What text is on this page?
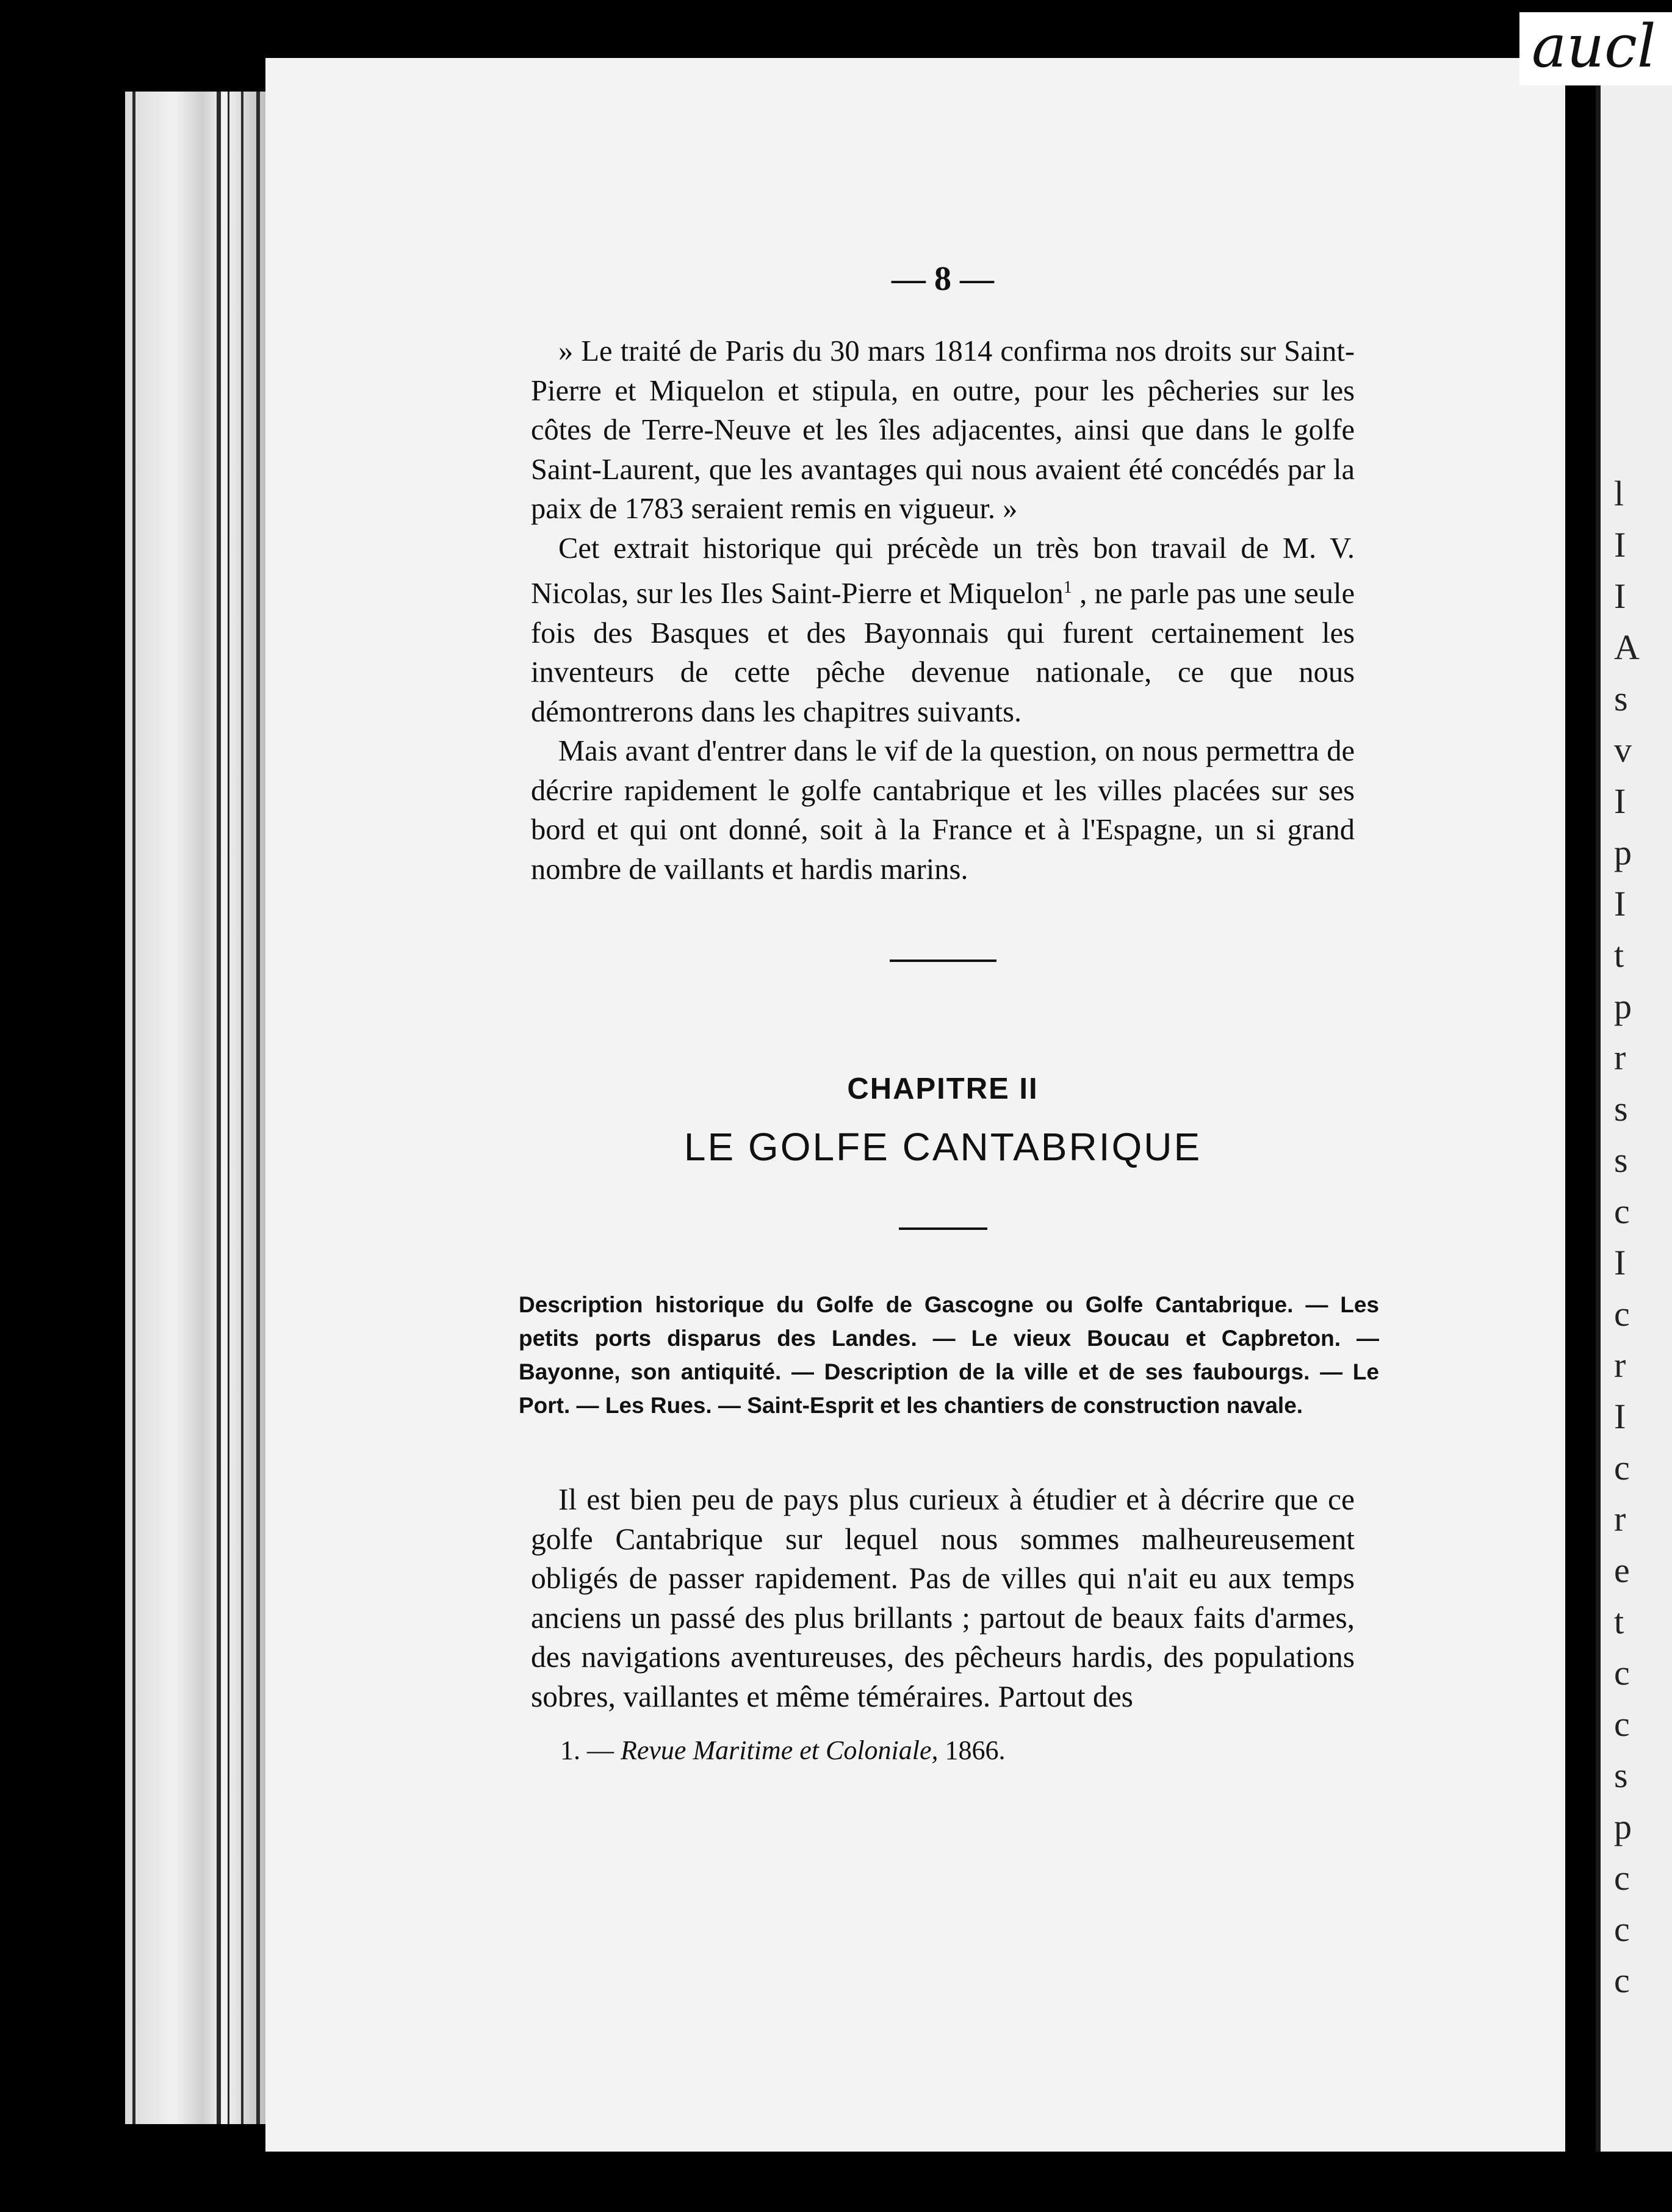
l
I
I
A
s
v
I
p
I
t
p
r
s
s
c
I
c
r
I
c
r
e
t
c
c
s
p
c
c
c
aucl
— 8 —

» Le traité de Paris du 30 mars 1814 confirma nos droits sur Saint-Pierre et Miquelon et stipula, en outre, pour les pêcheries sur les côtes de Terre-Neuve et les îles adjacentes, ainsi que dans le golfe Saint-Laurent, que les avantages qui nous avaient été concédés par la paix de 1783 seraient remis en vigueur. »

Cet extrait historique qui précède un très bon travail de M. V. Nicolas, sur les Iles Saint-Pierre et Miquelon$^1$ , ne parle pas une seule fois des Basques et des Bayonnais qui furent certainement les inventeurs de cette pêche devenue nationale, ce que nous démontrerons dans les chapitres suivants.

Mais avant d'entrer dans le vif de la question, on nous permettra de décrire rapidement le golfe cantabrique et les villes placées sur ses bord et qui ont donné, soit à la France et à l'Espagne, un si grand nombre de vaillants et hardis marins.

CHAPITRE II
LE GOLFE CANTABRIQUE
Description historique du Golfe de Gascogne ou Golfe Cantabrique. — Les petits ports disparus des Landes. — Le vieux Boucau et Capbreton. — Bayonne, son antiquité. — Description de la ville et de ses faubourgs. — Le Port. — Les Rues. — Saint-Esprit et les chantiers de construction navale.

Il est bien peu de pays plus curieux à étudier et à décrire que ce golfe Cantabrique sur lequel nous sommes malheureusement obligés de passer rapidement. Pas de villes qui n'ait eu aux temps anciens un passé des plus brillants ; partout de beaux faits d'armes, des navigations aventureuses, des pêcheurs hardis, des populations sobres, vaillantes et même téméraires. Partout des

1. — Revue Maritime et Coloniale, 1866.
